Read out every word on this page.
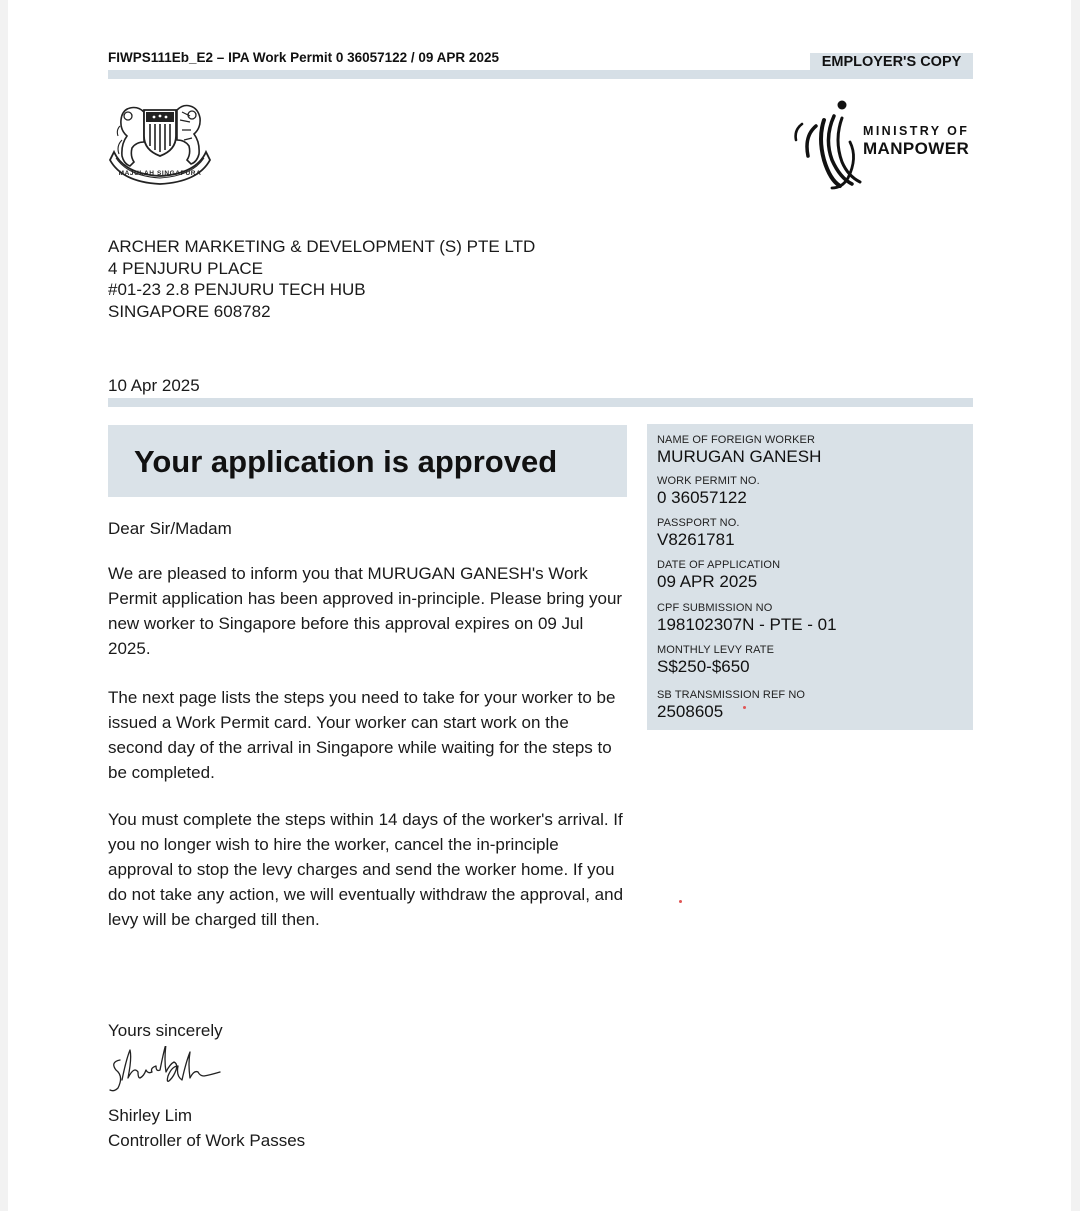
FIWPS111Eb_E2 – IPA Work Permit 0 36057122 / 09 APR 2025	EMPLOYER'S COPY
MAJULAH SINGAPURA
MINISTRY OF
MANPOWER
ARCHER MARKETING & DEVELOPMENT (S) PTE LTD
4 PENJURU PLACE
#01-23 2.8 PENJURU TECH HUB
SINGAPORE 608782
10 Apr 2025
Your application is approved
Dear Sir/Madam
We are pleased to inform you that MURUGAN GANESH's Work Permit application has been approved in-principle. Please bring your new worker to Singapore before this approval expires on 09 Jul 2025.
The next page lists the steps you need to take for your worker to be issued a Work Permit card. Your worker can start work on the second day of the arrival in Singapore while waiting for the steps to be completed.
You must complete the steps within 14 days of the worker's arrival. If you no longer wish to hire the worker, cancel the in-principle approval to stop the levy charges and send the worker home. If you do not take any action, we will eventually withdraw the approval, and levy will be charged till then.
Yours sincerely
Shirley Lim
Controller of Work Passes
NAME OF FOREIGN WORKER
MURUGAN GANESH
WORK PERMIT NO.
0 36057122
PASSPORT NO.
V8261781
DATE OF APPLICATION
09 APR 2025
CPF SUBMISSION NO
198102307N - PTE - 01
MONTHLY LEVY RATE
S$250-$650
SB TRANSMISSION REF NO
2508605
